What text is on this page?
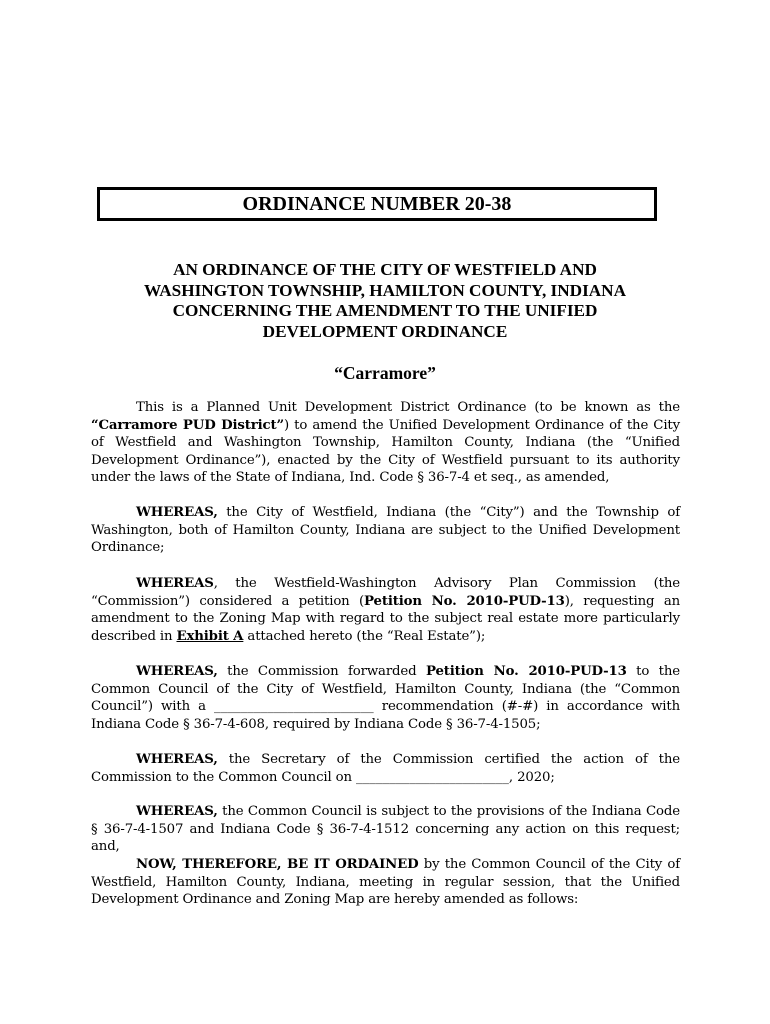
ORDINANCE NUMBER 20-38
AN ORDINANCE OF THE CITY OF WESTFIELD AND
WASHINGTON TOWNSHIP, HAMILTON COUNTY, INDIANA
CONCERNING THE AMENDMENT TO THE UNIFIED
DEVELOPMENT ORDINANCE
“Carramore”

This is a Planned Unit Development District Ordinance (to be known as the “Carramore PUD District”) to amend the Unified Development Ordinance of the City of Westfield and Washington Township, Hamilton County, Indiana (the “Unified Development Ordinance”), enacted by the City of Westfield pursuant to its authority under the laws of the State of Indiana, Ind. Code § 36-7-4 et seq., as amended,

WHEREAS, the City of Westfield, Indiana (the “City”) and the Township of Washington, both of Hamilton County, Indiana are subject to the Unified Development Ordinance;

WHEREAS, the Westfield-Washington Advisory Plan Commission (the “Commission”) considered a petition (Petition No. 2010-PUD-13), requesting an amendment to the Zoning Map with regard to the subject real estate more particularly described in Exhibit A attached hereto (the “Real Estate”);

WHEREAS, the Commission forwarded Petition No. 2010-PUD-13 to the Common Council of the City of Westfield, Hamilton County, Indiana (the “Common Council”) with a ________________________ recommendation (#-#) in accordance with Indiana Code § 36-7-4-608, required by Indiana Code § 36-7-4-1505;

WHEREAS, the Secretary of the Commission certified the action of the Commission to the Common Council on _______________________, 2020;

WHEREAS, the Common Council is subject to the provisions of the Indiana Code § 36-7-4-1507 and Indiana Code § 36-7-4-1512 concerning any action on this request; and,

NOW, THEREFORE, BE IT ORDAINED by the Common Council of the City of Westfield, Hamilton County, Indiana, meeting in regular session, that the Unified Development Ordinance and Zoning Map are hereby amended as follows:
